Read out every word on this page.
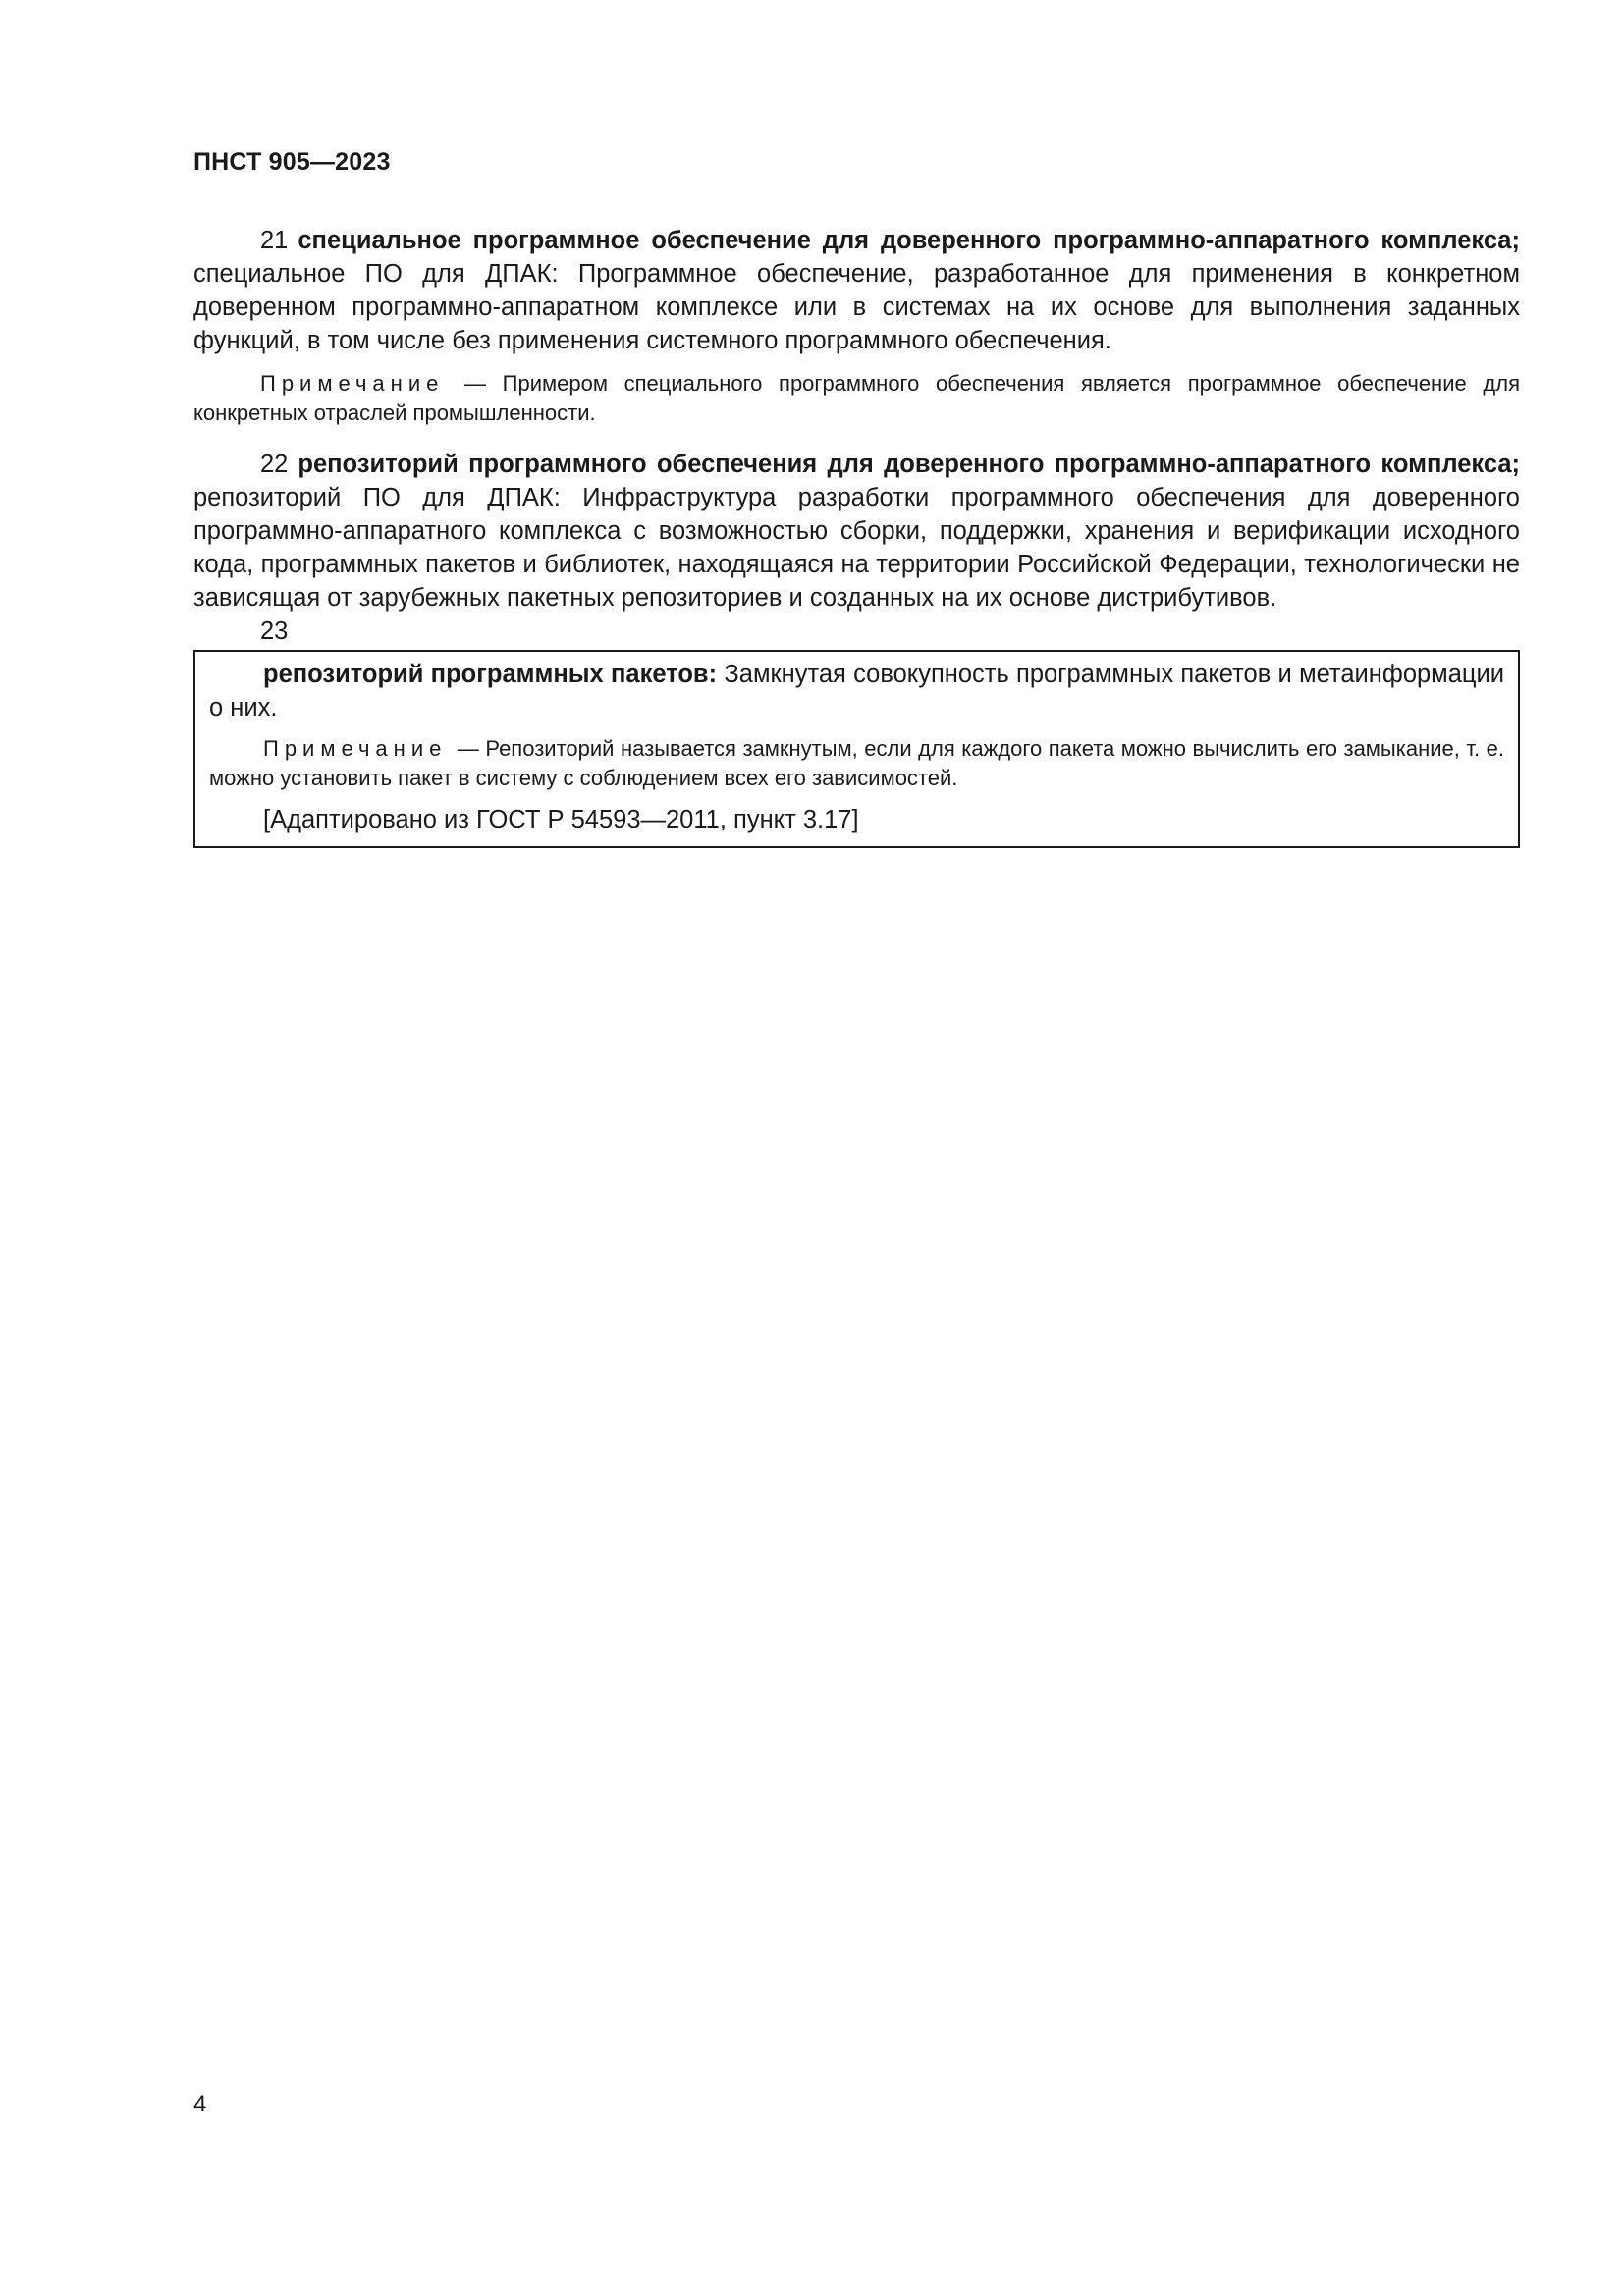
ПНСТ 905—2023

21 специальное программное обеспечение для доверенного программно-аппаратного комплекса; специальное ПО для ДПАК: Программное обеспечение, разработанное для применения в конкретном доверенном программно-аппаратном комплексе или в системах на их основе для выполнения заданных функций, в том числе без применения системного программного обеспечения.

Примечание — Примером специального программного обеспечения является программное обеспечение для конкретных отраслей промышленности.

22 репозиторий программного обеспечения для доверенного программно-аппаратного комплекса; репозиторий ПО для ДПАК: Инфраструктура разработки программного обеспечения для доверенного программно-аппаратного комплекса с возможностью сборки, поддержки, хранения и верификации исходного кода, программных пакетов и библиотек, находящаяся на территории Российской Федерации, технологически не зависящая от зарубежных пакетных репозиториев и созданных на их основе дистрибутивов.

23

репозиторий программных пакетов: Замкнутая совокупность программных пакетов и метаинформации о них.

Примечание — Репозиторий называется замкнутым, если для каждого пакета можно вычислить его замыкание, т. е. можно установить пакет в систему с соблюдением всех его зависимостей.

[Адаптировано из ГОСТ Р 54593—2011, пункт 3.17]

4
